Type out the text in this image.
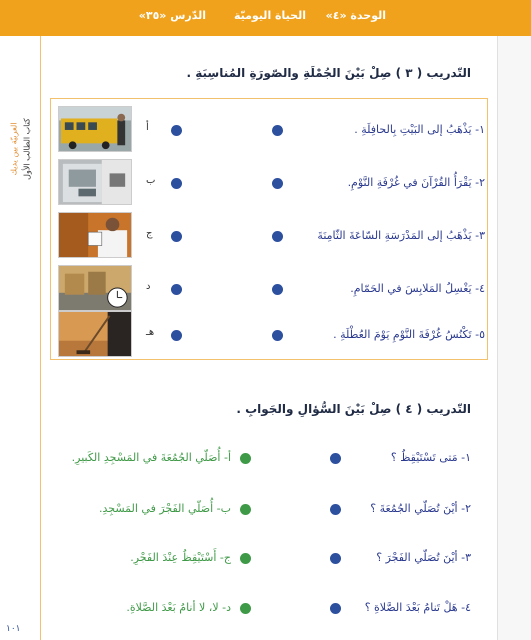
الوحدة «٤»
الحياة اليوميّة
الدّرس «٣٥»
العربيّة بين يديك كتاب الطالب الأول
التّدريب ( ٣ ) صِلْ بَيْنَ الجُمْلَةِ والصّورَةِ المُناسِبَةِ .
١- يَذْهَبُ إلى البَيْتِ بِالحافِلَةِ .
أ
٢- يَقْرَأُ القُرْآنَ في غُرْفَةِ النَّوْمِ.
ب
٣- يَذْهَبُ إلى المَدْرَسَةِ السّاعَةَ الثّامِنَةَ
ج
٤- يَغْسِلُ المَلابِسَ في الحَمّامِ.
د
٥- تَكْنُسُ غُرْفَةَ النَّوْمِ يَوْمَ العُطْلَةِ .
هـ
التّدريب ( ٤ ) صِلْ بَيْنَ السُّؤالِ والجَوابِ .
١- مَتى تَسْتَيْقِظُ ؟
أ- أُصَلّي الجُمُعَةَ في المَسْجِدِ الكَبيرِ.
٢- أيْنَ تُصَلّي الجُمُعَةَ ؟
ب- أُصَلّي الفَجْرَ في المَسْجِدِ.
٣- أيْنَ تُصَلّي الفَجْرَ ؟
ج- أَسْتَيْقِظُ عِنْدَ الفَجْرِ.
٤- هَلْ تَنامُ بَعْدَ الصَّلاةِ ؟
د- لا، لا أنامُ بَعْدَ الصَّلاةِ.
١٠١
